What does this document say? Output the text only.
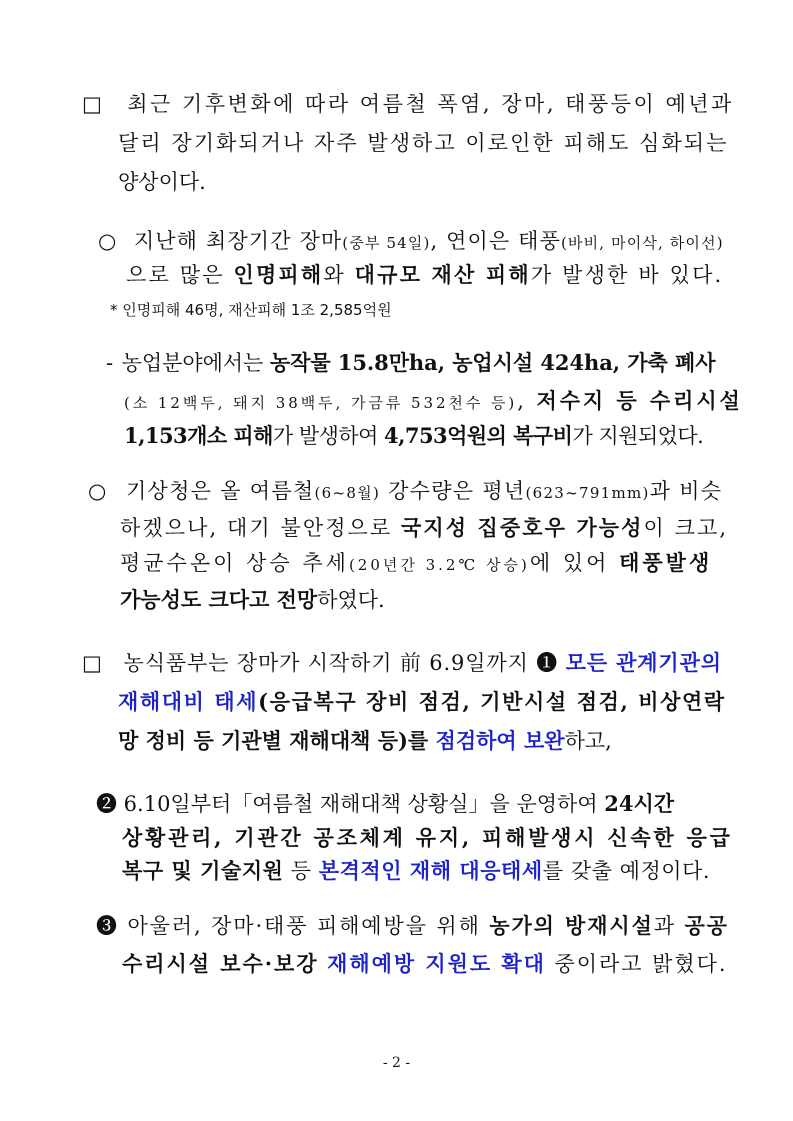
□ 최근 기후변화에 따라 여름철 폭염, 장마, 태풍등이 예년과
달리 장기화되거나 자주 발생하고 이로인한 피해도 심화되는
양상이다.
○ 지난해 최장기간 장마(중부 54일), 연이은 태풍(바비, 마이삭, 하이선)
으로 많은 인명피해와 대규모 재산 피해가 발생한 바 있다.
* 인명피해 46명, 재산피해 1조 2,585억원
- 농업분야에서는 농작물 15.8만ha, 농업시설 424ha, 가축 폐사
(소 12백두, 돼지 38백두, 가금류 532천수 등), 저수지 등 수리시설
1,153개소 피해가 발생하여 4,753억원의 복구비가 지원되었다.
○ 기상청은 올 여름철(6~8월) 강수량은 평년(623~791mm)과 비슷
하겠으나, 대기 불안정으로 국지성 집중호우 가능성이 크고,
평균수온이 상승 추세(20년간 3.2℃ 상승)에 있어 태풍발생
가능성도 크다고 전망하였다.
□ 농식품부는 장마가 시작하기 前 6.9일까지 ❶ 모든 관계기관의
재해대비 태세(응급복구 장비 점검, 기반시설 점검, 비상연락
망 정비 등 기관별 재해대책 등)를 점검하여 보완하고,
❷ 6.10일부터「여름철 재해대책 상황실」을 운영하여 24시간
상황관리, 기관간 공조체계 유지, 피해발생시 신속한 응급
복구 및 기술지원 등 본격적인 재해 대응태세를 갖출 예정이다.
❸ 아울러, 장마·태풍 피해예방을 위해 농가의 방재시설과 공공
수리시설 보수·보강 재해예방 지원도 확대 중이라고 밝혔다.
- 2 -
